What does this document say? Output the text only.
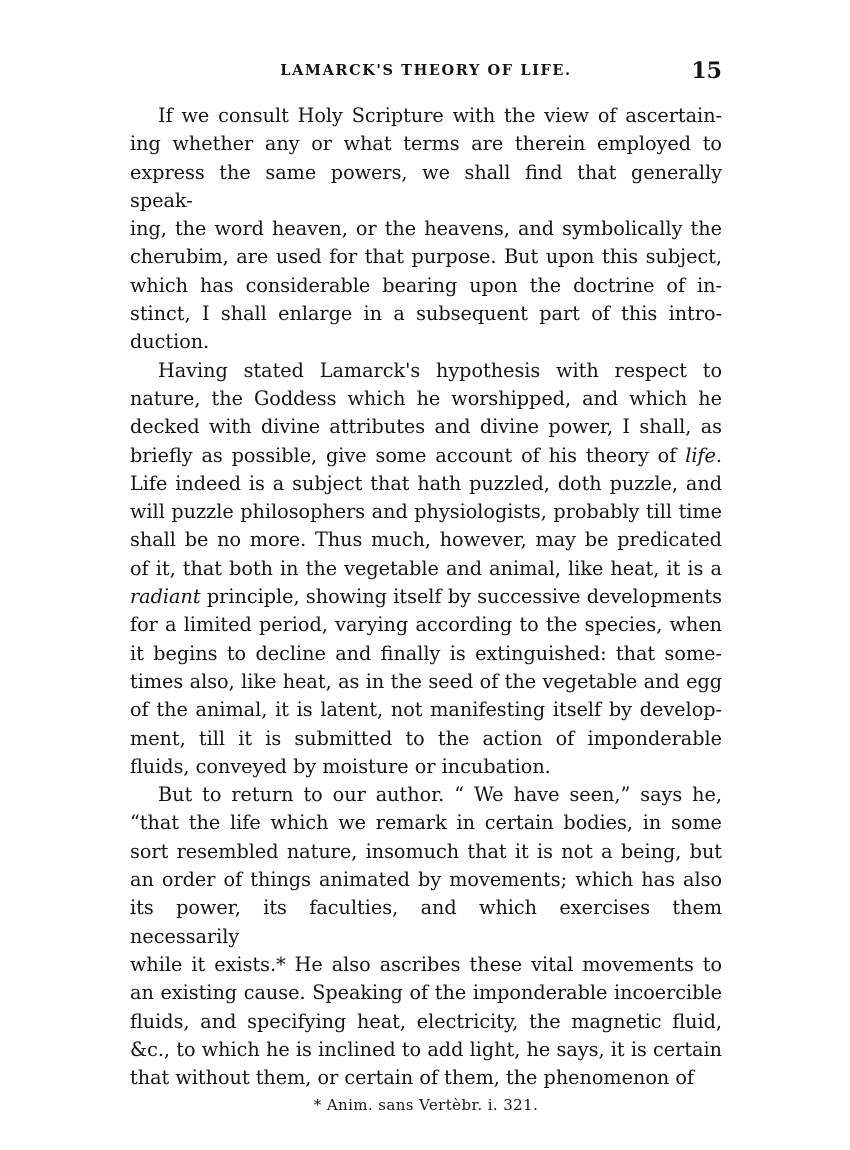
LAMARCK'S THEORY OF LIFE.	15
If we consult Holy Scripture with the view of ascertain-
ing whether any or what terms are therein employed to
express the same powers, we shall find that generally speak-
ing, the word heaven, or the heavens, and symbolically the
cherubim, are used for that purpose. But upon this subject,
which has considerable bearing upon the doctrine of in-
stinct, I shall enlarge in a subsequent part of this intro-
duction.
Having stated Lamarck's hypothesis with respect to
nature, the Goddess which he worshipped, and which he
decked with divine attributes and divine power, I shall, as
briefly as possible, give some account of his theory of life.
Life indeed is a subject that hath puzzled, doth puzzle, and
will puzzle philosophers and physiologists, probably till time
shall be no more. Thus much, however, may be predicated
of it, that both in the vegetable and animal, like heat, it is a
radiant principle, showing itself by successive developments
for a limited period, varying according to the species, when
it begins to decline and finally is extinguished: that some-
times also, like heat, as in the seed of the vegetable and egg
of the animal, it is latent, not manifesting itself by develop-
ment, till it is submitted to the action of imponderable
fluids, conveyed by moisture or incubation.
But to return to our author. “ We have seen,” says he,
“that the life which we remark in certain bodies, in some
sort resembled nature, insomuch that it is not a being, but
an order of things animated by movements; which has also
its power, its faculties, and which exercises them necessarily
while it exists.* He also ascribes these vital movements to
an existing cause. Speaking of the imponderable incoercible
fluids, and specifying heat, electricity, the magnetic fluid,
&c., to which he is inclined to add light, he says, it is certain
that without them, or certain of them, the phenomenon of
* Anim. sans Vertèbr. i. 321.
